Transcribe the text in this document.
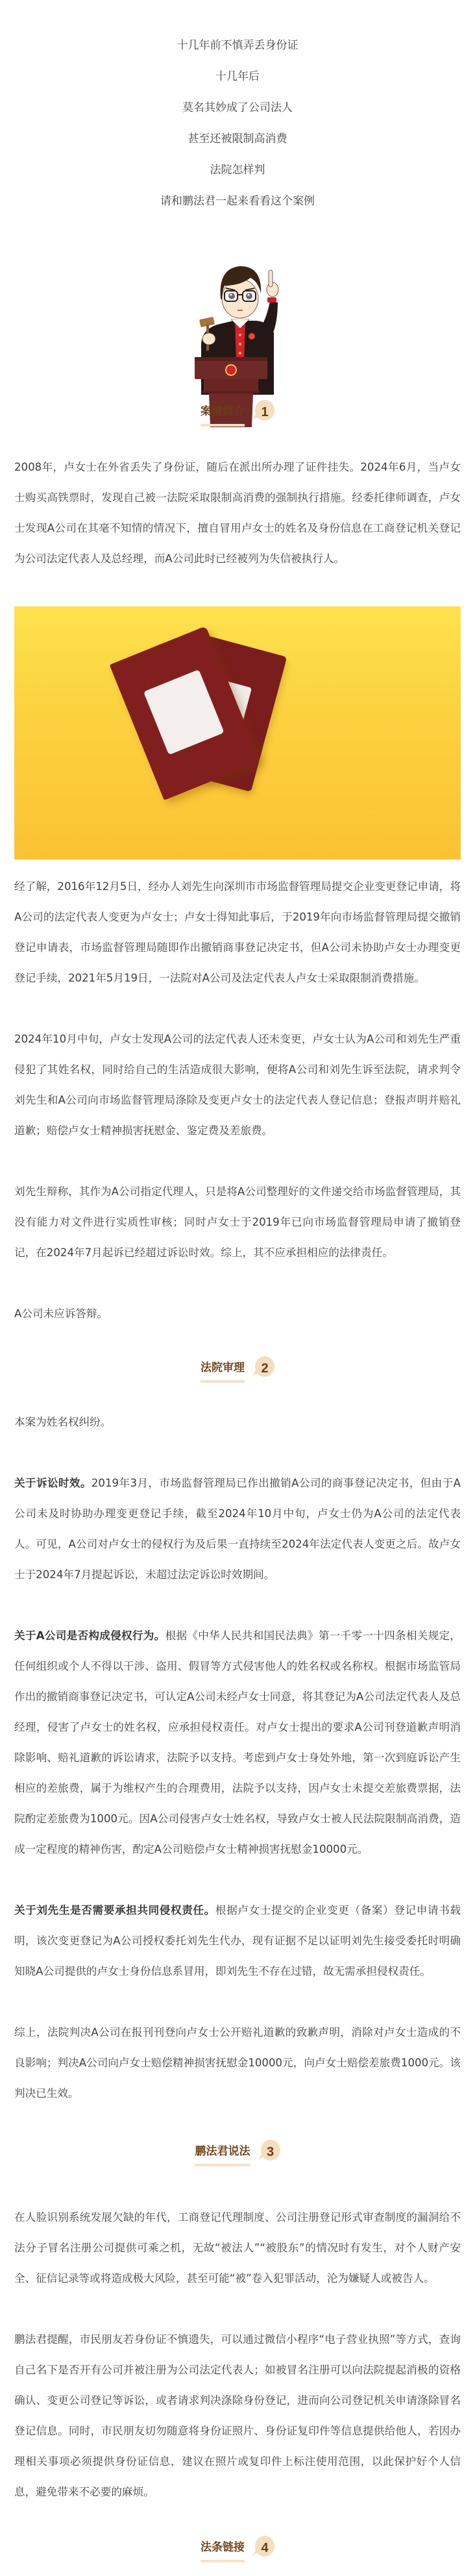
十几年前不慎弄丢身份证
十几年后
莫名其妙成了公司法人
甚至还被限制高消费
法院怎样判
请和鹏法君一起来看看这个案例
案情简介	1

2008年，卢女士在外省丢失了身份证，随后在派出所办理了证件挂失。2024年6月，当卢女士购买高铁票时，发现自己被一法院采取限制高消费的强制执行措施。经委托律师调查，卢女士发现A公司在其毫不知情的情况下，擅自冒用卢女士的姓名及身份信息在工商登记机关登记为公司法定代表人及总经理，而A公司此时已经被列为失信被执行人。

经了解，2016年12月5日，经办人刘先生向深圳市市场监督管理局提交企业变更登记申请，将A公司的法定代表人变更为卢女士；卢女士得知此事后，于2019年向市场监督管理局提交撤销登记申请表，市场监督管理局随即作出撤销商事登记决定书，但A公司未协助卢女士办理变更登记手续，2021年5月19日，一法院对A公司及法定代表人卢女士采取限制消费措施。

2024年10月中旬，卢女士发现A公司的法定代表人还未变更，卢女士认为A公司和刘先生严重侵犯了其姓名权，同时给自己的生活造成很大影响，便将A公司和刘先生诉至法院，请求判令刘先生和A公司向市场监督管理局涤除及变更卢女士的法定代表人登记信息；登报声明并赔礼道歉；赔偿卢女士精神损害抚慰金、鉴定费及差旅费。

刘先生辩称，其作为A公司指定代理人，只是将A公司整理好的文件递交给市场监督管理局，其没有能力对文件进行实质性审核；同时卢女士于2019年已向市场监督管理局申请了撤销登记，在2024年7月起诉已经超过诉讼时效。综上，其不应承担相应的法律责任。

A公司未应诉答辩。

法院审理	2

本案为姓名权纠纷。

关于诉讼时效。2019年3月，市场监督管理局已作出撤销A公司的商事登记决定书，但由于A公司未及时协助办理变更登记手续，截至2024年10月中旬，卢女士仍为A公司的法定代表人。可见，A公司对卢女士的侵权行为及后果一直持续至2024年法定代表人变更之后。故卢女士于2024年7月提起诉讼，未超过法定诉讼时效期间。

关于A公司是否构成侵权行为。根据《中华人民共和国民法典》第一千零一十四条相关规定，任何组织或个人不得以干涉、盗用、假冒等方式侵害他人的姓名权或名称权。根据市场监管局作出的撤销商事登记决定书，可认定A公司未经卢女士同意，将其登记为A公司法定代表人及总经理，侵害了卢女士的姓名权，应承担侵权责任。对卢女士提出的要求A公司刊登道歉声明消除影响、赔礼道歉的诉讼请求，法院予以支持。考虑到卢女士身处外地，第一次到庭诉讼产生相应的差旅费，属于为维权产生的合理费用，法院予以支持，因卢女士未提交差旅费票据，法院酌定差旅费为1000元。因A公司侵害卢女士姓名权，导致卢女士被人民法院限制高消费，造成一定程度的精神伤害，酌定A公司赔偿卢女士精神损害抚慰金10000元。

关于刘先生是否需要承担共同侵权责任。根据卢女士提交的企业变更（备案）登记申请书载明，该次变更登记为A公司授权委托刘先生代办，现有证据不足以证明刘先生接受委托时明确知晓A公司提供的卢女士身份信息系冒用，即刘先生不存在过错，故无需承担侵权责任。

综上，法院判决A公司在报刊刊登向卢女士公开赔礼道歉的致歉声明，消除对卢女士造成的不良影响；判决A公司向卢女士赔偿精神损害抚慰金10000元，向卢女士赔偿差旅费1000元。该判决已生效。

鹏法君说法	3

在人脸识别系统发展欠缺的年代，工商登记代理制度、公司注册登记形式审查制度的漏洞给不法分子冒名注册公司提供可乘之机，无故“被法人”“被股东”的情况时有发生，对个人财产安全、征信记录等或将造成极大风险，甚至可能“被”卷入犯罪活动，沦为嫌疑人或被告人。

鹏法君提醒，市民朋友若身份证不慎遗失，可以通过微信小程序“电子营业执照”等方式，查询自己名下是否开有公司并被注册为公司法定代表人；如被冒名注册可以向法院提起消极的资格确认、变更公司登记等诉讼，或者请求判决涤除身份登记，进而向公司登记机关申请涤除冒名登记信息。同时，市民朋友切勿随意将身份证照片、身份证复印件等信息提供给他人，若因办理相关事项必须提供身份证信息，建议在照片或复印件上标注使用范围，以此保护好个人信息，避免带来不必要的麻烦。

法条链接	4
